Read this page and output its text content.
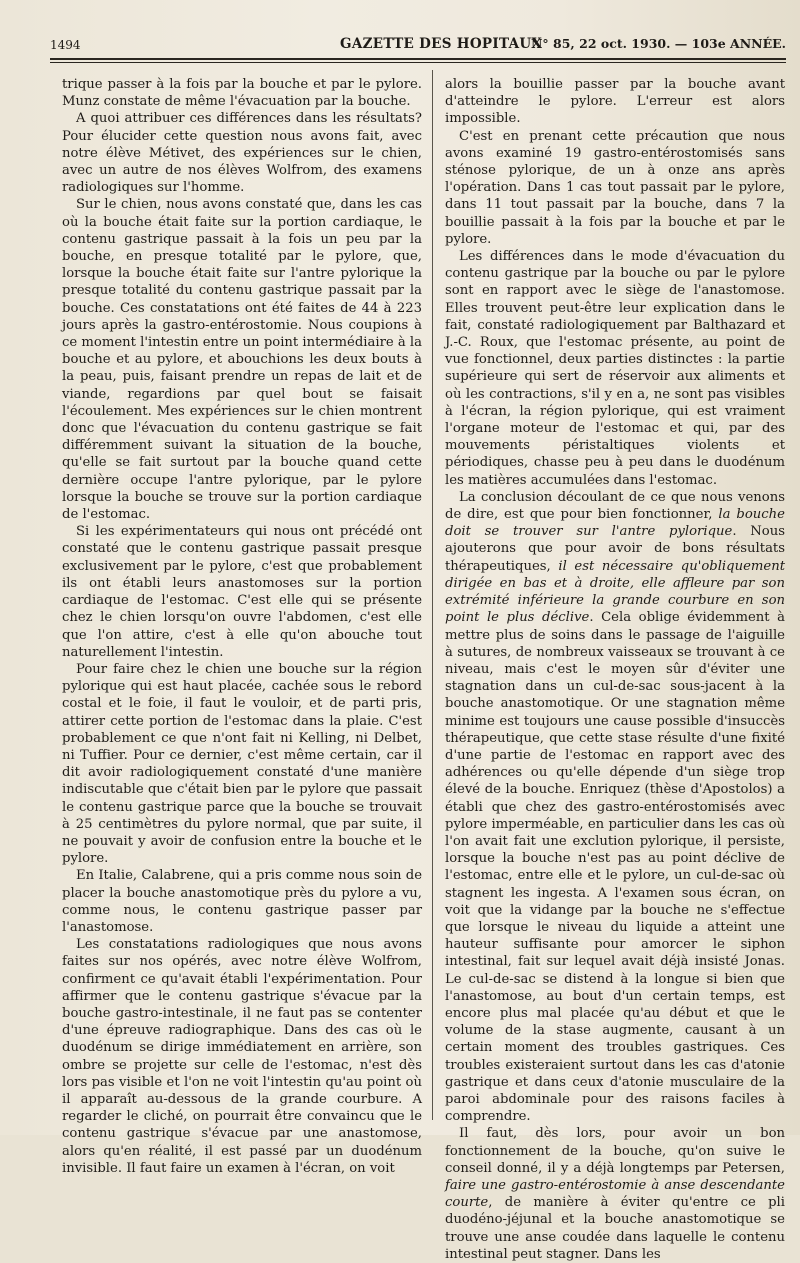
1494	GAZETTE DES HOPITAUX
N° 85, 22 oct. 1930. — 103e ANNÉE.

trique passer à la fois par la bouche et par le pylore. Munz constate de même l'évacuation par la bouche.

A quoi attribuer ces différences dans les résultats? Pour élucider cette question nous avons fait, avec notre élève Métivet, des expériences sur le chien, avec un autre de nos élèves Wolfrom, des examens radiologiques sur l'homme.

Sur le chien, nous avons constaté que, dans les cas où la bouche était faite sur la portion cardiaque, le contenu gastrique passait à la fois un peu par la bouche, en presque totalité par le pylore, que, lorsque la bouche était faite sur l'antre pylorique la presque totalité du contenu gastrique passait par la bouche. Ces constatations ont été faites de 44 à 223 jours après la gastro-entérostomie. Nous coupions à ce moment l'intestin entre un point intermédiaire à la bouche et au pylore, et abouchions les deux bouts à la peau, puis, faisant prendre un repas de lait et de viande, regardions par quel bout se faisait l'écoulement. Mes expériences sur le chien montrent donc que l'évacuation du contenu gastrique se fait différemment suivant la situation de la bouche, qu'elle se fait surtout par la bouche quand cette dernière occupe l'antre pylorique, par le pylore lorsque la bouche se trouve sur la portion cardiaque de l'estomac.

Si les expérimentateurs qui nous ont précédé ont constaté que le contenu gastrique passait presque exclusivement par le pylore, c'est que probablement ils ont établi leurs anastomoses sur la portion cardiaque de l'estomac. C'est elle qui se présente chez le chien lorsqu'on ouvre l'abdomen, c'est elle que l'on attire, c'est à elle qu'on abouche tout naturellement l'intestin.

Pour faire chez le chien une bouche sur la région pylorique qui est haut placée, cachée sous le rebord costal et le foie, il faut le vouloir, et de parti pris, attirer cette portion de l'estomac dans la plaie. C'est probablement ce que n'ont fait ni Kelling, ni Delbet, ni Tuffier. Pour ce dernier, c'est même certain, car il dit avoir radiologiquement constaté d'une manière indiscutable que c'était bien par le pylore que passait le contenu gastrique parce que la bouche se trouvait à 25 centimètres du pylore normal, que par suite, il ne pouvait y avoir de confusion entre la bouche et le pylore.

En Italie, Calabrene, qui a pris comme nous soin de placer la bouche anastomotique près du pylore a vu, comme nous, le contenu gastrique passer par l'anastomose.

Les constatations radiologiques que nous avons faites sur nos opérés, avec notre élève Wolfrom, confirment ce qu'avait établi l'expérimentation. Pour affirmer que le contenu gastrique s'évacue par la bouche gastro-intestinale, il ne faut pas se contenter d'une épreuve radiographique. Dans des cas où le duodénum se dirige immédiatement en arrière, son ombre se projette sur celle de l'estomac, n'est dès lors pas visible et l'on ne voit l'intestin qu'au point où il apparaît au-dessous de la grande courbure. A regarder le cliché, on pourrait être convaincu que le contenu gastrique s'évacue par une anastomose, alors qu'en réalité, il est passé par un duodénum invisible. Il faut faire un examen à l'écran, on voit

alors la bouillie passer par la bouche avant d'atteindre le pylore. L'erreur est alors impossible.

C'est en prenant cette précaution que nous avons examiné 19 gastro-entérostomisés sans sténose pylorique, de un à onze ans après l'opération. Dans 1 cas tout passait par le pylore, dans 11 tout passait par la bouche, dans 7 la bouillie passait à la fois par la bouche et par le pylore.

Les différences dans le mode d'évacuation du contenu gastrique par la bouche ou par le pylore sont en rapport avec le siège de l'anastomose. Elles trouvent peut-être leur explication dans le fait, constaté radiologiquement par Balthazard et J.-C. Roux, que l'estomac présente, au point de vue fonctionnel, deux parties distinctes : la partie supérieure qui sert de réservoir aux aliments et où les contractions, s'il y en a, ne sont pas visibles à l'écran, la région pylorique, qui est vraiment l'organe moteur de l'estomac et qui, par des mouvements péristaltiques violents et périodiques, chasse peu à peu dans le duodénum les matières accumulées dans l'estomac.

La conclusion découlant de ce que nous venons de dire, est que pour bien fonctionner, la bouche doit se trouver sur l'antre pylorique. Nous ajouterons que pour avoir de bons résultats thérapeutiques, il est nécessaire qu'obliquement dirigée en bas et à droite, elle affleure par son extrémité inférieure la grande courbure en son point le plus déclive. Cela oblige évidemment à mettre plus de soins dans le passage de l'aiguille à sutures, de nombreux vaisseaux se trouvant à ce niveau, mais c'est le moyen sûr d'éviter une stagnation dans un cul-de-sac sous-jacent à la bouche anastomotique. Or une stagnation même minime est toujours une cause possible d'insuccès thérapeutique, que cette stase résulte d'une fixité d'une partie de l'estomac en rapport avec des adhérences ou qu'elle dépende d'un siège trop élevé de la bouche. Enriquez (thèse d'Apostolos) a établi que chez des gastro-entérostomisés avec pylore imperméable, en particulier dans les cas où l'on avait fait une exclution pylorique, il persiste, lorsque la bouche n'est pas au point déclive de l'estomac, entre elle et le pylore, un cul-de-sac où stagnent les ingesta. A l'examen sous écran, on voit que la vidange par la bouche ne s'effectue que lorsque le niveau du liquide a atteint une hauteur suffisante pour amorcer le siphon intestinal, fait sur lequel avait déjà insisté Jonas. Le cul-de-sac se distend à la longue si bien que l'anastomose, au bout d'un certain temps, est encore plus mal placée qu'au début et que le volume de la stase augmente, causant à un certain moment des troubles gastriques. Ces troubles existeraient surtout dans les cas d'atonie gastrique et dans ceux d'atonie musculaire de la paroi abdominale pour des raisons faciles à comprendre.

Il faut, dès lors, pour avoir un bon fonctionnement de la bouche, qu'on suive le conseil donné, il y a déjà longtemps par Petersen, faire une gastro-entérostomie à anse descendante courte, de manière à éviter qu'entre ce pli duodéno-jéjunal et la bouche anastomotique se trouve une anse coudée dans laquelle le contenu intestinal peut stagner. Dans les
